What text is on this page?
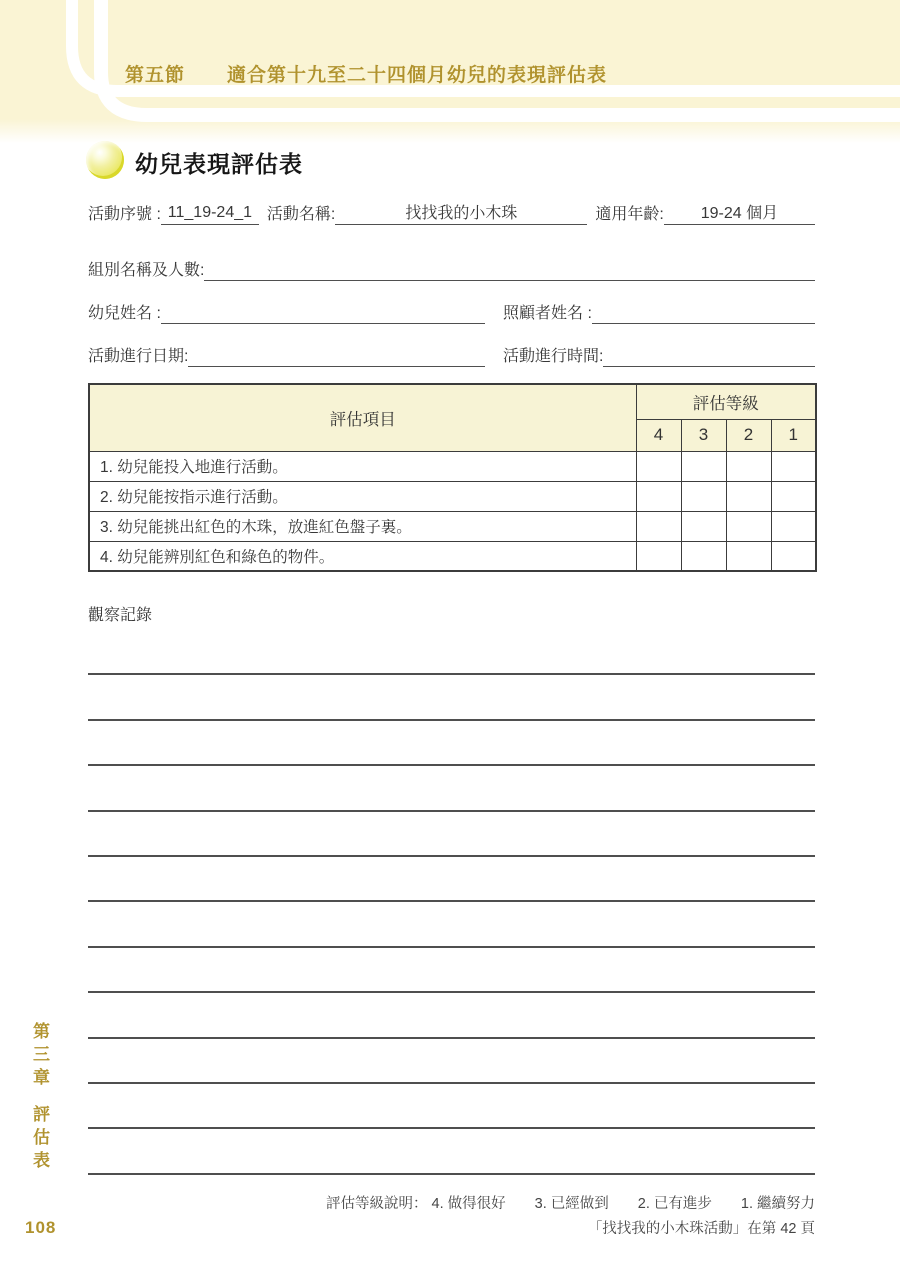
第五節 適合第十九至二十四個月幼兒的表現評估表
幼兒表現評估表
活動序號 : 11_19-24_1 活動名稱:	找找我的小木珠	適用年齡:	19-24 個月
組別名稱及人數:
幼兒姓名 :	照顧者姓名 :
活動進行日期:	活動進行時間:
評估項目	評估等級			
	4	3	2	1
1. 幼兒能投入地進行活動。				
2. 幼兒能按指示進行活動。				
3. 幼兒能挑出紅色的木珠，放進紅色盤子裏。				
4. 幼兒能辨別紅色和綠色的物件。				
觀察記錄
評估等級說明： 4. 做得很好　　3. 已經做到　　2. 已有進步　　1. 繼續努力
「找找我的小木珠活動」在第 42 頁
第三章評估表
108
